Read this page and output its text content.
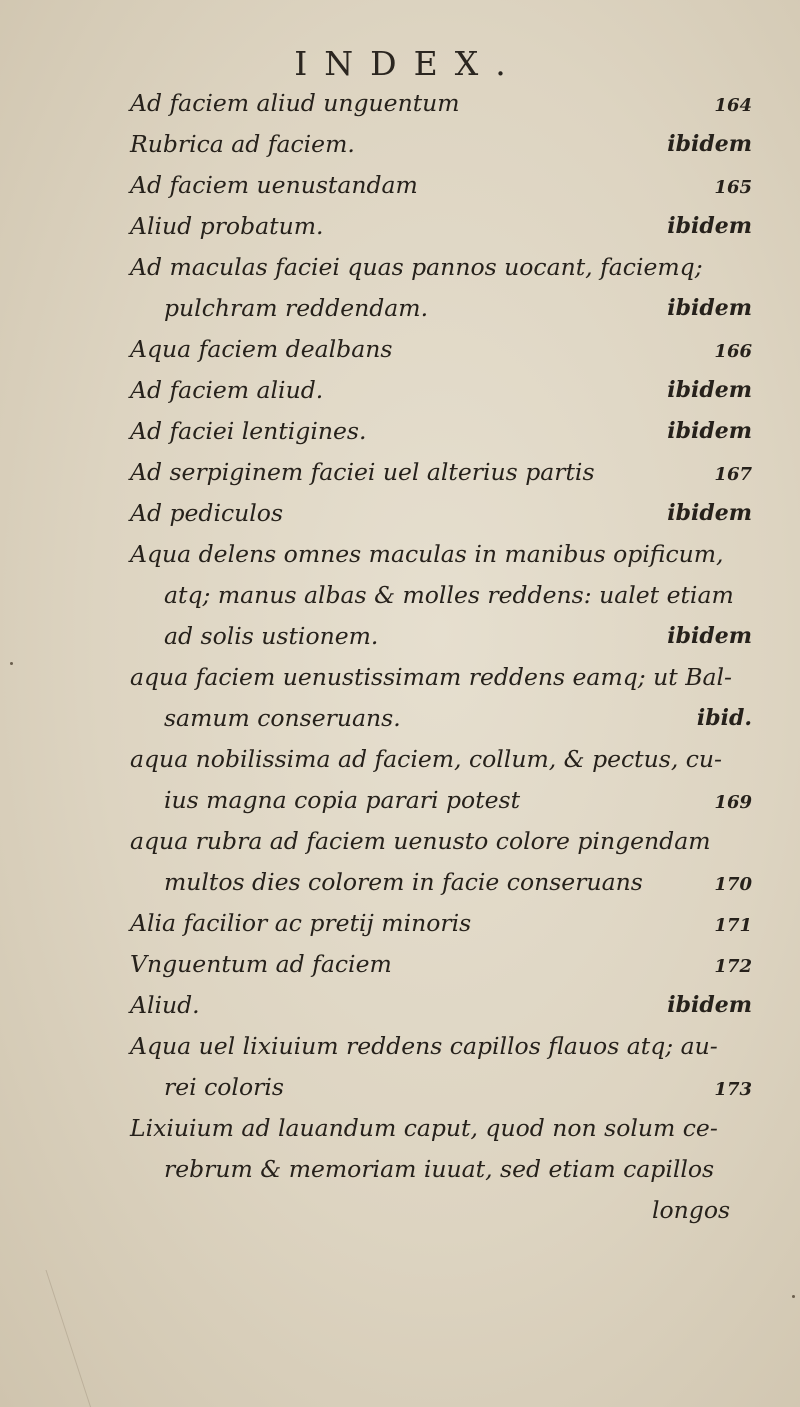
INDEX.
Ad faciem aliud unguentum	164
Rubrica ad faciem.	ibidem
Ad faciem uenustandam	165
Aliud probatum.	ibidem
Ad maculas faciei quas pannos uocant, faciemq;
pulchram reddendam.	ibidem
Aqua faciem dealbans	166
Ad faciem aliud.	ibidem
Ad faciei lentigines.	ibidem
Ad serpiginem faciei uel alterius partis	167
Ad pediculos	ibidem
Aqua delens omnes maculas in manibus opificum,
atq; manus albas & molles reddens: ualet etiam
ad solis ustionem.	ibidem
aqua faciem uenustissimam reddens eamq; ut Bal-
samum conseruans.	ibid.
aqua nobilissima ad faciem, collum, & pectus, cu-
ius magna copia parari potest	169
aqua rubra ad faciem uenusto colore pingendam
multos dies colorem in facie conseruans	170
Alia facilior ac pretij minoris	171
Vnguentum ad faciem	172
Aliud.	ibidem
Aqua uel lixiuium reddens capillos flauos atq; au-
rei coloris	173
Lixiuium ad lauandum caput, quod non solum ce-
rebrum & memoriam iuuat, sed etiam capillos
longos
